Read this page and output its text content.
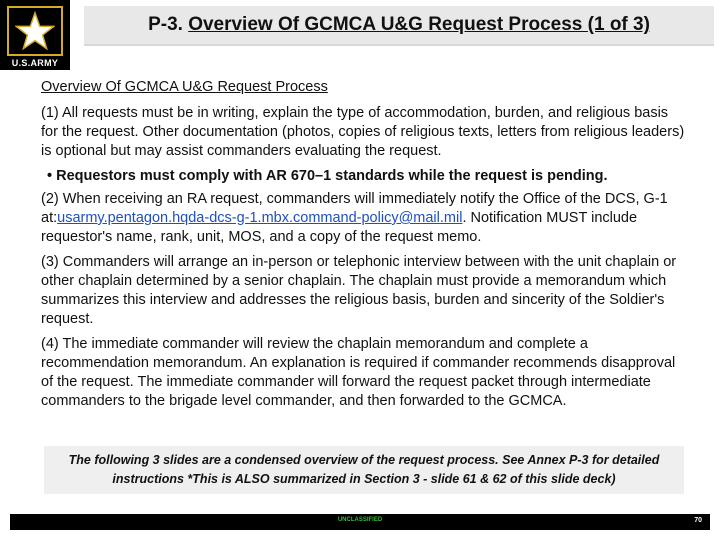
U.S.ARMY
P-3. Overview Of GCMCA U&G Request Process (1 of 3)
Overview Of GCMCA U&G Request Process

(1) All requests must be in writing, explain the type of accommodation, burden, and religious basis for the request. Other documentation (photos, copies of religious texts, letters from religious leaders) is optional but may assist commanders evaluating the request.

• Requestors must comply with AR 670–1 standards while the request is pending.

(2) When receiving an RA request, commanders will immediately notify the Office of the DCS, G-1 at:usarmy.pentagon.hqda-dcs-g-1.mbx.command-policy@mail.mil. Notification MUST include requestor's name, rank, unit, MOS, and a copy of the request memo.

(3) Commanders will arrange an in-person or telephonic interview between with the unit chaplain or other chaplain determined by a senior chaplain. The chaplain must provide a memorandum which summarizes this interview and addresses the religious basis, burden and sincerity of the Soldier's request.

(4) The immediate commander will review the chaplain memorandum and complete a recommendation memorandum. An explanation is required if commander recommends disapproval of the request. The immediate commander will forward the request packet through intermediate commanders to the brigade level commander, and then forwarded to the GCMCA.

The following 3 slides are a condensed overview of the request process. See Annex P-3 for detailed instructions *This is ALSO summarized in Section 3 - slide 61 & 62 of this slide deck)
UNCLASSIFIED	70
